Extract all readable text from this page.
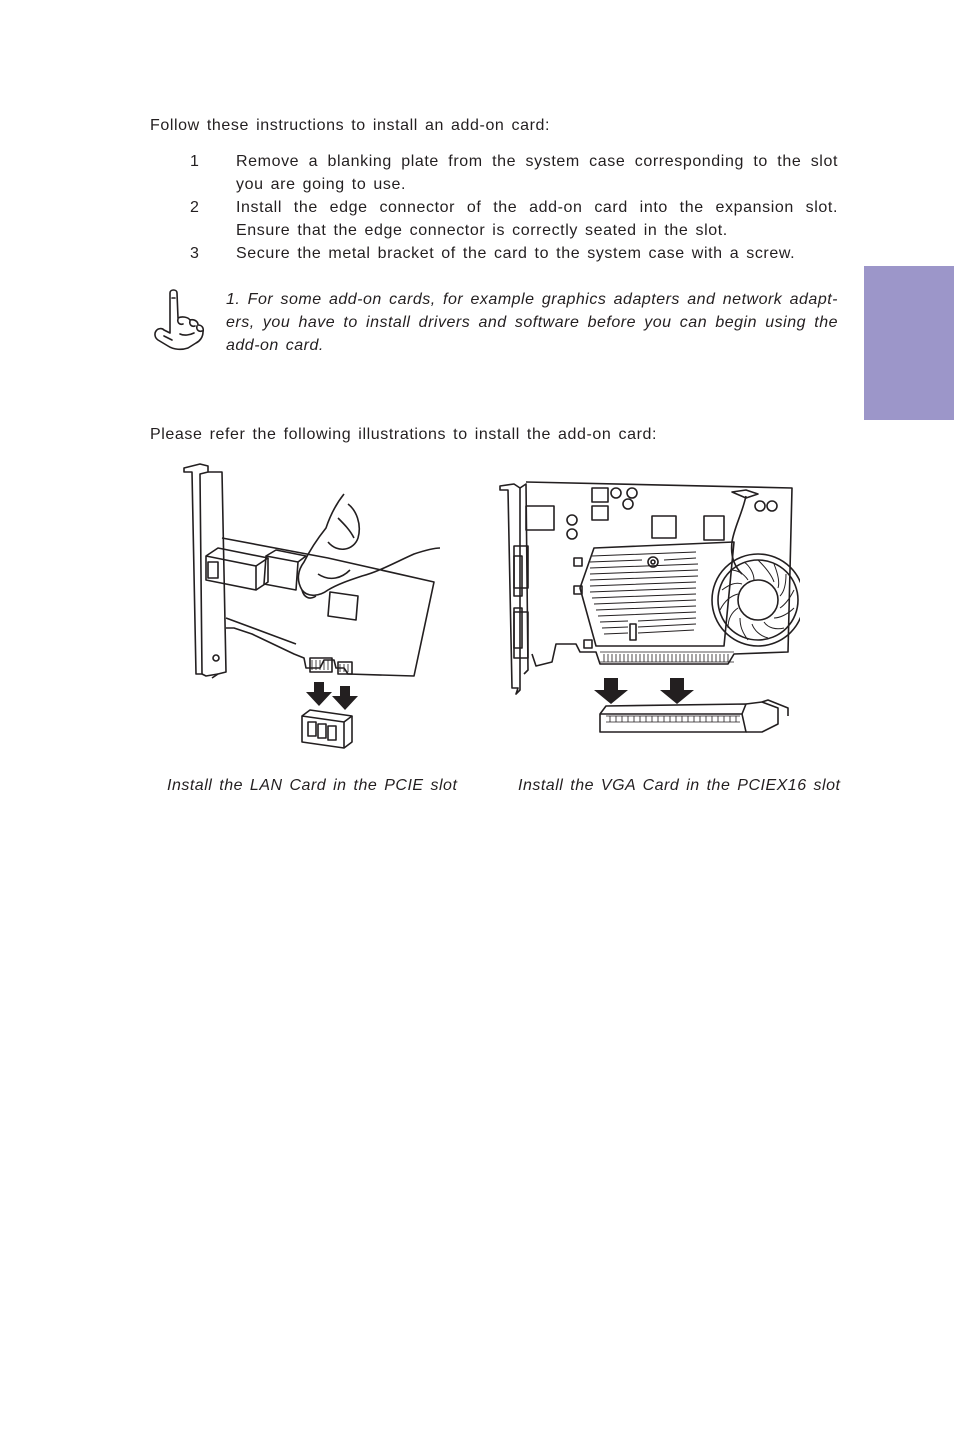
Follow these instructions to install an add-on card:
1	Remove a blanking plate from the system case corresponding to the slot you are going to use.
2	Install the edge connector of the add-on card into the expansion slot. Ensure that the edge connector is correctly seated in the slot.
3	Secure the metal bracket of the card to the system case with a screw.
1. For some add-on cards, for example graphics adapters and network adapt-ers, you have to install drivers and software before you can begin using the add-on card.
Please refer the following illustrations to install the add-on card:
Install the LAN Card in the PCIE slot	Install the VGA Card in the PCIEX16 slot
